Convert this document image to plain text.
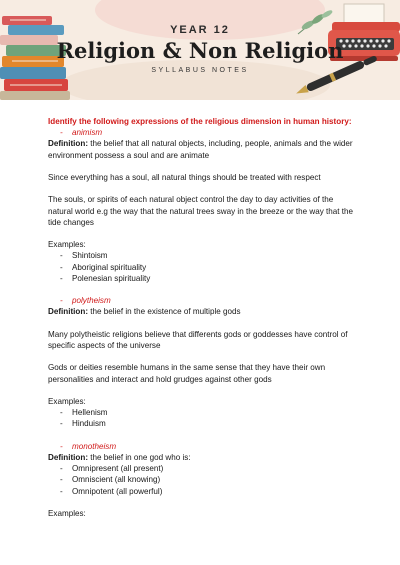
YEAR 12
Religion & Non Religion
SYLLABUS NOTES

Identify the following expressions of the religious dimension in human history:

- animism

Definition: the belief that all natural objects, including, people, animals and the wider environment possess a soul and are animate

Since everything has a soul, all natural things should be treated with respect

The souls, or spirits of each natural object control the day to day activities of the natural world e.g the way that the natural trees sway in the breeze or the way that the tide changes

Examples:

- Shintoism

- Aboriginal spirituality

- Polenesian spirituality

- polytheism

Definition: the belief in the existence of multiple gods

Many polytheistic religions believe that differents gods or goddesses have control of specific aspects of the universe

Gods or deities resemble humans in the same sense that they have their own personalities and interact and hold grudges against other gods

Examples:

- Hellenism

- Hinduism

- monotheism

Definition: the belief in one god who is:

- Omnipresent (all present)

- Omniscient (all knowing)

- Omnipotent (all powerful)

Examples:
